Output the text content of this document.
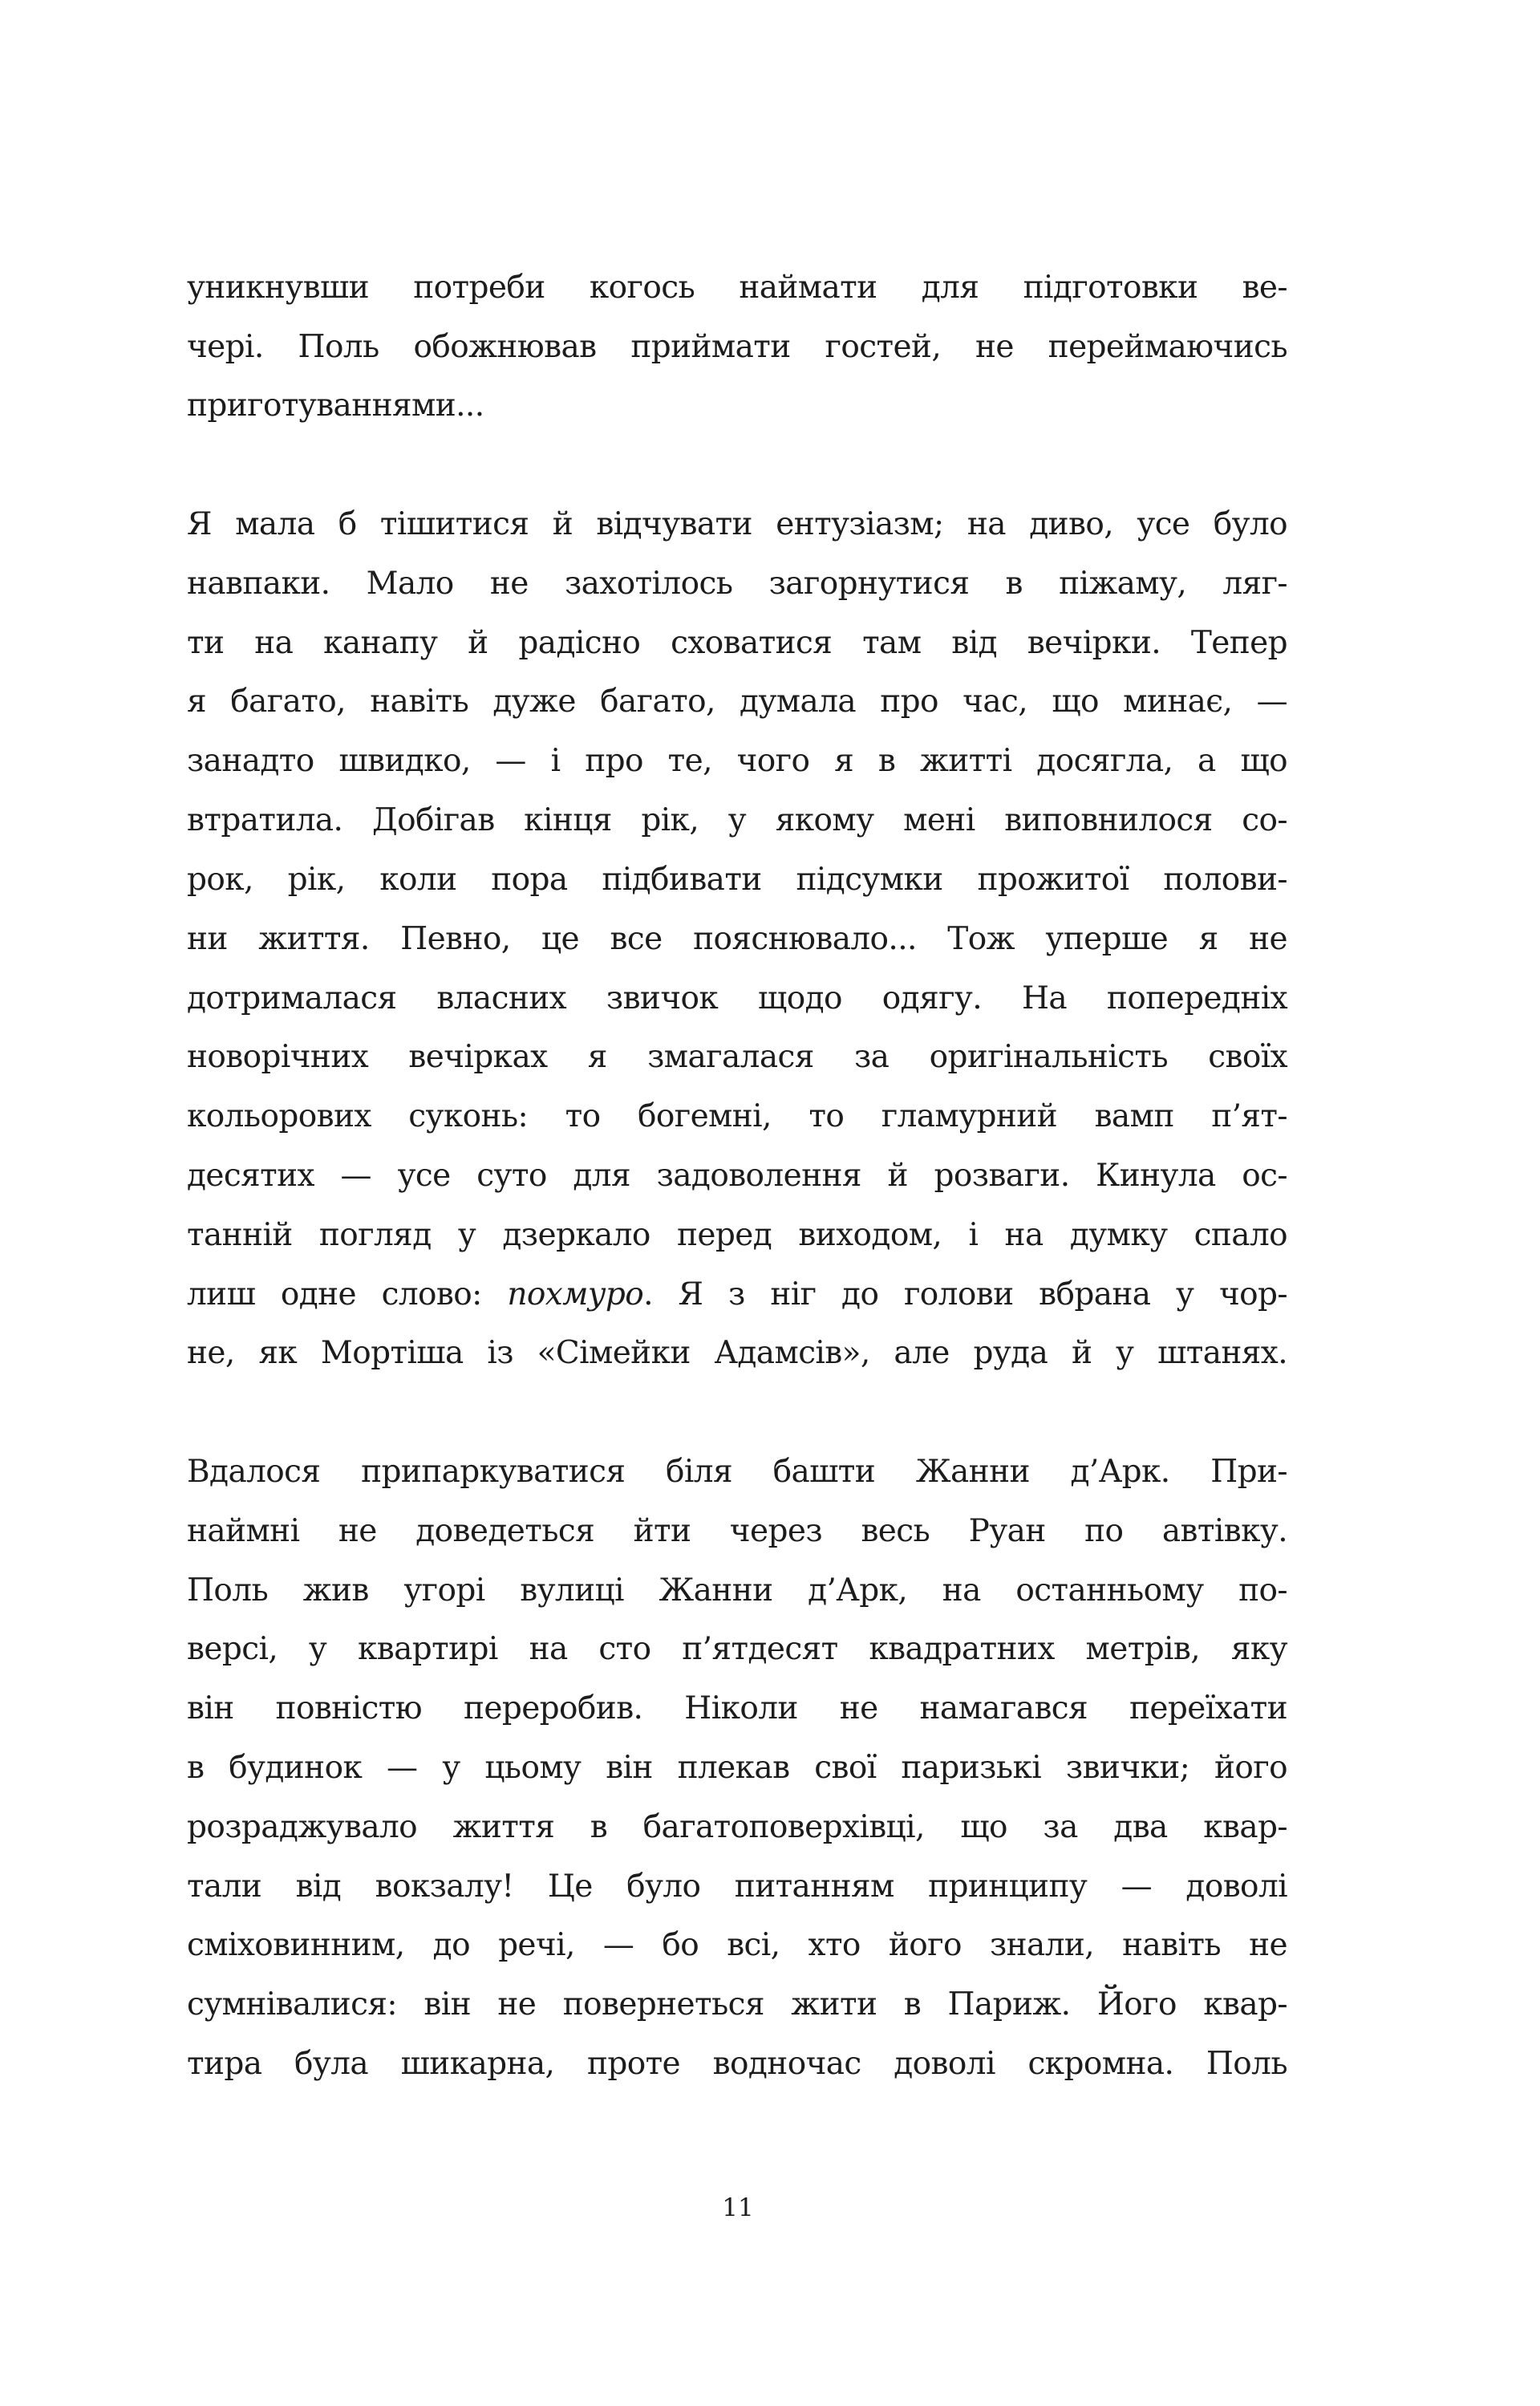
уникнувши потреби когось наймати для підготовки ве-
чері. Поль обожнював приймати гостей, не переймаючись
приготуваннями...
Я мала б тішитися й відчувати ентузіазм; на диво, усе було
навпаки. Мало не захотілось загорнутися в піжаму, ляг-
ти на канапу й радісно сховатися там від вечірки. Тепер
я багато, навіть дуже багато, думала про час, що минає, —
занадто швидко, — і про те, чого я в житті досягла, а що
втратила. Добігав кінця рік, у якому мені виповнилося со-
рок, рік, коли пора підбивати підсумки прожитої полови-
ни життя. Певно, це все пояснювало... Тож уперше я не
дотрималася власних звичок щодо одягу. На попередніх
новорічних вечірках я змагалася за оригінальність своїх
кольорових суконь: то богемні, то гламурний вамп п’ят-
десятих — усе суто для задоволення й розваги. Кинула ос-
танній погляд у дзеркало перед виходом, і на думку спало
лиш одне слово: похмуро. Я з ніг до голови вбрана у чор-
не, як Мортіша із «Сімейки Адамсів», але руда й у штанях.
Вдалося припаркуватися біля башти Жанни д’Арк. При-
наймні не доведеться йти через весь Руан по автівку.
Поль жив угорі вулиці Жанни д’Арк, на останньому по-
версі, у квартирі на сто п’ятдесят квадратних метрів, яку
він повністю переробив. Ніколи не намагався переїхати
в будинок — у цьому він плекав свої паризькі звички; його
розраджувало життя в багатоповерхівці, що за два квар-
тали від вокзалу! Це було питанням принципу — доволі
сміховинним, до речі, — бо всі, хто його знали, навіть не
сумнівалися: він не повернеться жити в Париж. Його квар-
тира була шикарна, проте водночас доволі скромна. Поль
11
